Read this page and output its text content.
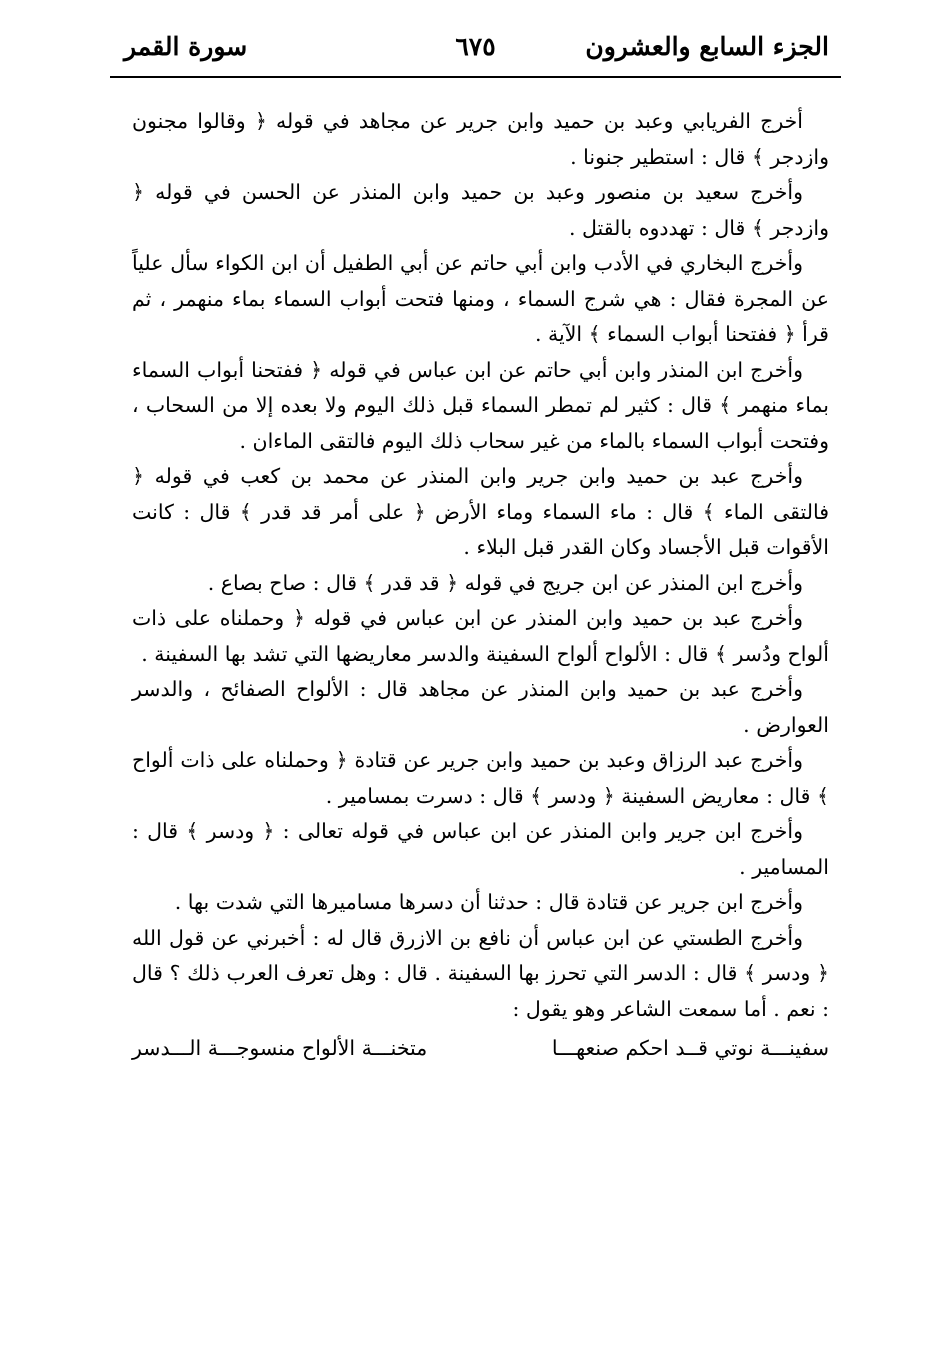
الجزء السابع والعشرون
٦٧٥
سورة القمر

أخرج الفريابي وعبد بن حميد وابن جرير عن مجاهد في قوله ﴿ وقالوا مجنون وازدجر ﴾ قال : استطير جنونا .

وأخرج سعيد بن منصور وعبد بن حميد وابن المنذر عن الحسن في قوله ﴿ وازدجر ﴾ قال : تهددوه بالقتل .

وأخرج البخاري في الأدب وابن أبي حاتم عن أبي الطفيل أن ابن الكواء سأل علياً عن المجرة فقال : هي شرج السماء ، ومنها فتحت أبواب السماء بماء منهمر ، ثم قرأ ﴿ ففتحنا أبواب السماء ﴾ الآية .

وأخرج ابن المنذر وابن أبي حاتم عن ابن عباس في قوله ﴿ ففتحنا أبواب السماء بماء منهمر ﴾ قال : كثير لم تمطر السماء قبل ذلك اليوم ولا بعده إلا من السحاب ، وفتحت أبواب السماء بالماء من غير سحاب ذلك اليوم فالتقى الماءان .

وأخرج عبد بن حميد وابن جرير وابن المنذر عن محمد بن كعب في قوله ﴿ فالتقى الماء ﴾ قال : ماء السماء وماء الأرض ﴿ على أمر قد قدر ﴾ قال : كانت الأقوات قبل الأجساد وكان القدر قبل البلاء .

وأخرج ابن المنذر عن ابن جريج في قوله ﴿ قد قدر ﴾ قال : صاح بصاع .

وأخرج عبد بن حميد وابن المنذر عن ابن عباس في قوله ﴿ وحملناه على ذات ألواح ودُسر ﴾ قال : الألواح ألواح السفينة والدسر معاريضها التي تشد بها السفينة .

وأخرج عبد بن حميد وابن المنذر عن مجاهد قال : الألواح الصفائح ، والدسر العوارض .

وأخرج عبد الرزاق وعبد بن حميد وابن جرير عن قتادة ﴿ وحملناه على ذات ألواح ﴾ قال : معاريض السفينة ﴿ ودسر ﴾ قال : دسرت بمسامير .

وأخرج ابن جرير وابن المنذر عن ابن عباس في قوله تعالى : ﴿ ودسر ﴾ قال : المسامير .

وأخرج ابن جرير عن قتادة قال : حدثنا أن دسرها مساميرها التي شدت بها .

وأخرج الطستي عن ابن عباس أن نافع بن الازرق قال له : أخبرني عن قول الله ﴿ ودسر ﴾ قال : الدسر التي تحرز بها السفينة . قال : وهل تعرف العرب ذلك ؟ قال : نعم . أما سمعت الشاعر وهو يقول :

سفينـــة نوتي قــد احكم صنعهـــا
متخنـــة الألواح منسوجـــة الـــدسر
